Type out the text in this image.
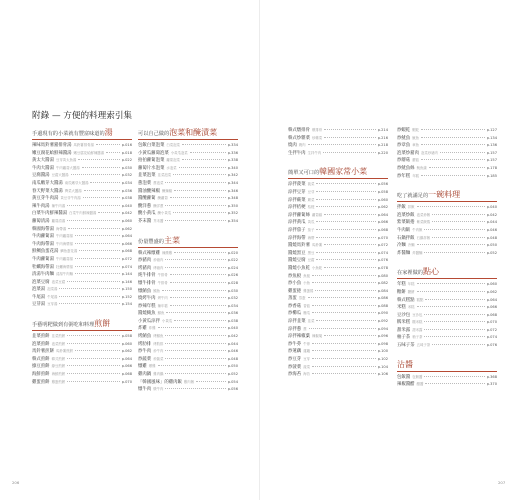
附錄 — 方便的料理索引集
手邊現有的小菜就有豐富味道的湯
辣味馬鈴薯豬排骨湯 馬鈴薯排骨湯	p.016
嫩豆腐花蛤鮮辣醬湯 嫩豆腐花蛤鮮辣醬湯	p.018
黃太大醬湯 豆芽黃太魚湯	p.022
牛肉大醬湯 牛肉蘿蔔大醬湯	p.030
豆腐醬湯 豆腐大醬湯	p.032
南瓜嫩芽大醬湯 南瓜嫩芽大醬湯	p.034
春天野菜大醬湯 薺菜大醬湯	p.036
黃豆芽牛肉湯 黃豆芽牛肉湯	p.038
辣牛肉湯 辣牛肉湯	p.040
白菜牛肉鮮辣醬湯 白菜牛肉鮮辣醬湯	p.042
蘿蔔清湯 蘿蔔清湯	p.060
韓國海帶湯 海帶湯	p.062
牛肉蘿蔔湯 牛肉蘿蔔湯	p.064
牛肉海帶湯 牛肉海帶湯	p.066
鮮鯛魚蛋花湯 鯛魚蛋花湯	p.068
牛肉蘿蔔湯 牛肉蘿蔔湯	p.072
牡蠣海帶湯 牡蠣海帶湯	p.074
清湯牛肉麵 清湯牛肉麵	p.144
泡菜豆腐 泡菜豆腐	p.146
泡菜湯 泡菜湯	p.150
牛尾湯 牛尾湯	p.152
豆芽湯 豆芽湯	p.154
手藝明粑做到有粥吃和料理煎餅
韭菜煎餅 韭菜煎餅	p.058
泡菜煎餅 泡菜煎餅	p.060
馬鈴薯煎餅 馬鈴薯煎餅	p.062
韓式煎餅 韓式煎餅	p.064
綠豆煎餅 綠豆煎餅	p.066
海鮮煎餅 海鮮煎餅	p.068
雞蛋煎餅 雞蛋煎餅	p.070
可以自己做的泡菜和醃漬菜
包飯白菜泡菜 白菜泡菜	p.334
小黃瓜蘿蔔泡菜 小黃瓜泡菜	p.336
拍拍蘿蔔泡菜 蘿蔔泡菜	p.338
蘿蔔片水泡菜 水泡菜	p.340
韭菜泡菜 韭菜泡菜	p.342
蔥泡菜 蔥泡菜	p.344
醬油醃辣椒 醃辣椒	p.346
醬醃蘿蔔 醃蘿蔔	p.348
醃洋蔥 醃洋蔥	p.350
醃小黃瓜 醃小黃瓜	p.352
芥末醬 芥末醬	p.354
份量豐盛的主菜
韓式辣燉雞 辣燉雞	p.020
炒豬肉 炒豬肉	p.022
烤豬肉 烤豬肉	p.024
炖牛排骨 牛排骨	p.026
燉牛排骨 牛排骨	p.028
燉鯖魚 鯖魚	p.030
燒烤牛肉 烤牛肉	p.032
炒辣年糕 辣年糕	p.034
醬燒鯖魚 鯖魚	p.036
小黃瓜涼拌 小黃瓜	p.038
炸雞 炸雞	p.040
烤鯖魚 烤鯖魚	p.042
烤肋排 烤肋排	p.044
炒牛肉 炒牛肉	p.046
炒蔬菜 炒蔬菜	p.048
燉雞 燉雞	p.050
雞肉鍋 雞肉鍋	p.052
「韓國風味」的雞肉飯 雞肉飯	p.054
燉牛肉 燉牛肉	p.056
206
韓式燉排骨 燉排骨	p.214
韓式炒雜菜 炒雜菜	p.216
燒肉 燒肉	p.218
生拌牛肉 生拌牛肉	p.220
簡單又可口的韓國家常小菜
涼拌菠菜 菠菜	p.056
涼拌豆芽 豆芽	p.058
涼拌蕨菜 蕨菜	p.060
涼拌桔梗 桔梗	p.062
涼拌蘿蔔絲 蘿蔔絲	p.064
涼拌黃瓜 黃瓜	p.066
涼拌茄子 茄子	p.068
涼拌海帶 海帶	p.070
醬燒馬鈴薯 馬鈴薯	p.072
醬燒黑豆 黑豆	p.074
醬燒豆腐 豆腐	p.076
醬燒小魚乾 小魚乾	p.078
炒魚板 魚板	p.080
炒小魚 小魚	p.082
雞蛋捲 雞蛋捲	p.084
蒸蛋 蒸蛋	p.086
炒香菇 香菇	p.088
炒櫛瓜 櫛瓜	p.090
涼拌韭菜 韭菜	p.092
涼拌蔥 蔥	p.094
涼拌辣椒葉 辣椒葉	p.096
炒牛蒡 牛蒡	p.098
炒蓮藕 蓮藕	p.100
炒豆芽 豆芽	p.102
炒菠菜 菠菜	p.104
炒海苔 海苔	p.106
炒蝦乾 蝦乾	p.127
炒魷魚 魷魚	p.134
炒章魚 章魚	p.136
泡菜炒豬肉 泡菜炒豬肉	p.157
炒蘑菇 蘑菇	p.157
炒鱿魚絲 鱿魚絲	p.178
炒年糕 年糕	p.185
吃了就滿足的一碗料理
拌飯 拌飯	p.040
泡菜炒飯 泡菜炒飯	p.042
紫菜飯捲 紫菜飯捲	p.044
牛肉飯 牛肉飯	p.046
石鍋拌飯 石鍋拌飯	p.048
冷麵 冷麵	p.050
炸醬麵 炸醬麵	p.052
在家裡做的點心
年糕 年糕	p.060
糖餅 糖餅	p.062
韓式糕點 糕點	p.064
米糕 米糕	p.066
豆沙包 豆沙包	p.068
糯米糕 糯米糕	p.070
甜米露 甜米露	p.072
柚子茶 柚子茶	p.074
五味子茶 五味子茶	p.076
沾醬
包飯醬 包飯醬	p.368
辣椒醬醋 醋醬	p.370
207
